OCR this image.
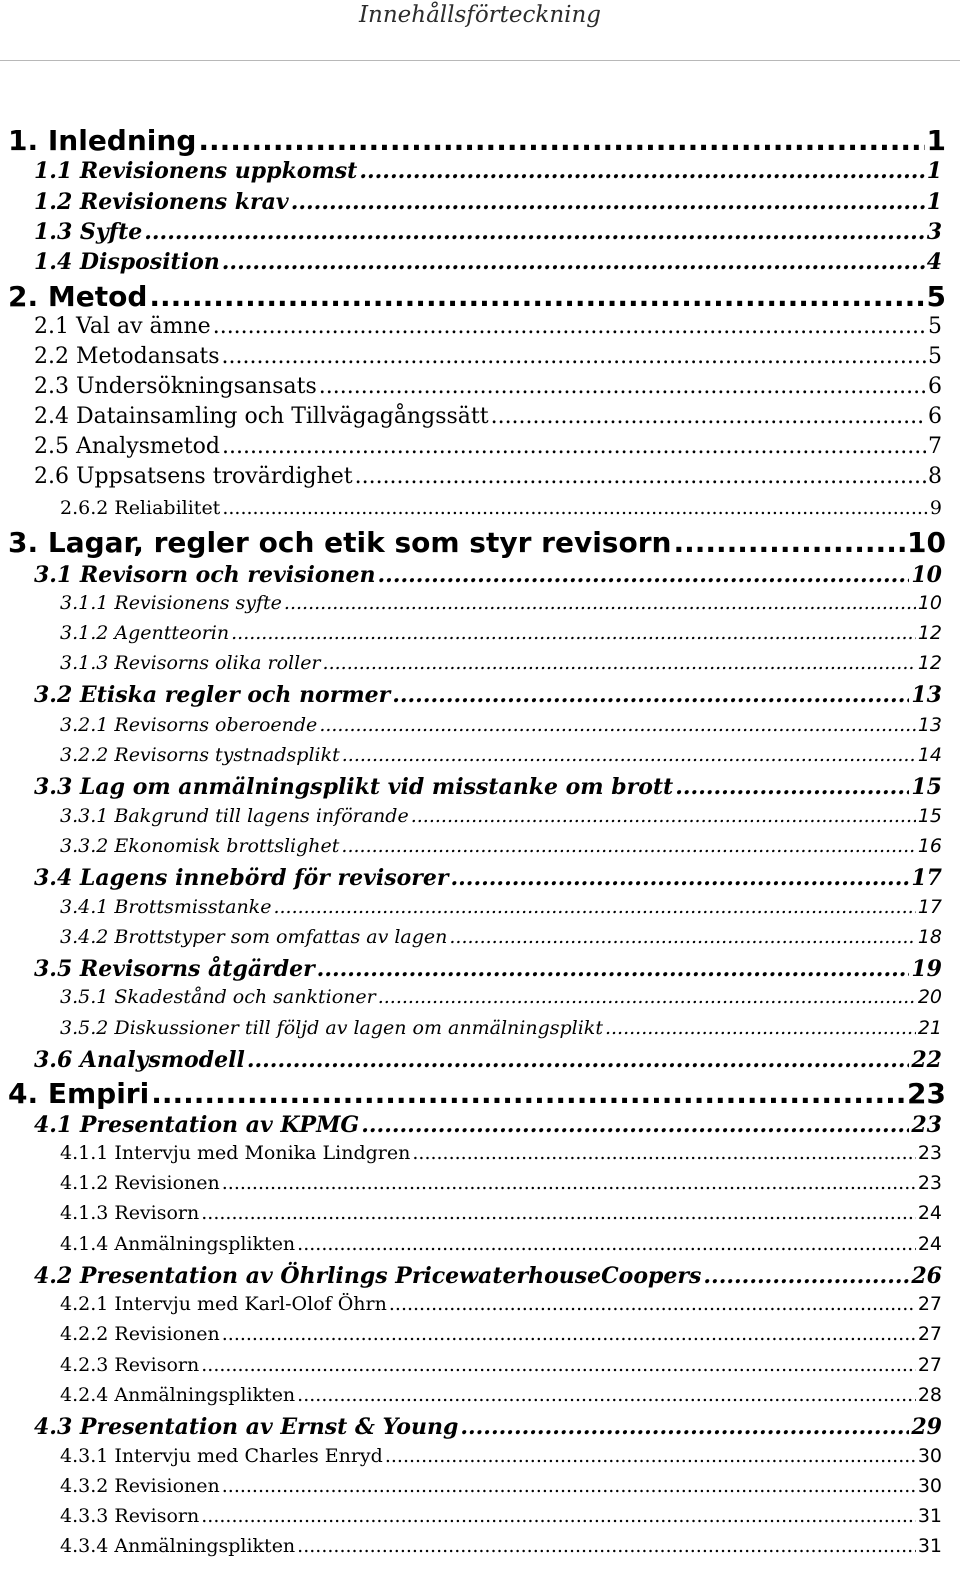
Innehållsförteckning
1. Inledning .....	1
1.1 Revisionens uppkomst .....	1
1.2 Revisionens krav .....	1
1.3 Syfte .....	3
1.4 Disposition .....	4
2. Metod .....	5
2.1 Val av ämne .....	5
2.2 Metodansats .....	5
2.3 Undersökningsansats .....	6
2.4 Datainsamling och Tillvägagångssätt .....	6
2.5 Analysmetod .....	7
2.6 Uppsatsens trovärdighet .....	8
2.6.2 Reliabilitet .....	9
3. Lagar, regler och etik som styr revisorn .....	10
3.1 Revisorn och revisionen .....	10
3.1.1 Revisionens syfte .....	10
3.1.2 Agentteorin .....	12
3.1.3 Revisorns olika roller .....	12
3.2 Etiska regler och normer .....	13
3.2.1 Revisorns oberoende .....	13
3.2.2 Revisorns tystnadsplikt .....	14
3.3 Lag om anmälningsplikt vid misstanke om brott .....	15
3.3.1 Bakgrund till lagens införande .....	15
3.3.2 Ekonomisk brottslighet .....	16
3.4 Lagens innebörd för revisorer .....	17
3.4.1 Brottsmisstanke .....	17
3.4.2 Brottstyper som omfattas av lagen .....	18
3.5 Revisorns åtgärder .....	19
3.5.1 Skadestånd och sanktioner .....	20
3.5.2 Diskussioner till följd av lagen om anmälningsplikt .....	21
3.6 Analysmodell .....	22
4. Empiri .....	23
4.1 Presentation av KPMG .....	23
4.1.1 Intervju med Monika Lindgren .....	23
4.1.2 Revisionen .....	23
4.1.3 Revisorn .....	24
4.1.4 Anmälningsplikten .....	24
4.2 Presentation av Öhrlings PricewaterhouseCoopers .....	26
4.2.1 Intervju med Karl-Olof Öhrn .....	27
4.2.2 Revisionen .....	27
4.2.3 Revisorn .....	27
4.2.4 Anmälningsplikten .....	28
4.3 Presentation av Ernst & Young .....	29
4.3.1 Intervju med Charles Enryd .....	30
4.3.2 Revisionen .....	30
4.3.3 Revisorn .....	31
4.3.4 Anmälningsplikten .....	31
